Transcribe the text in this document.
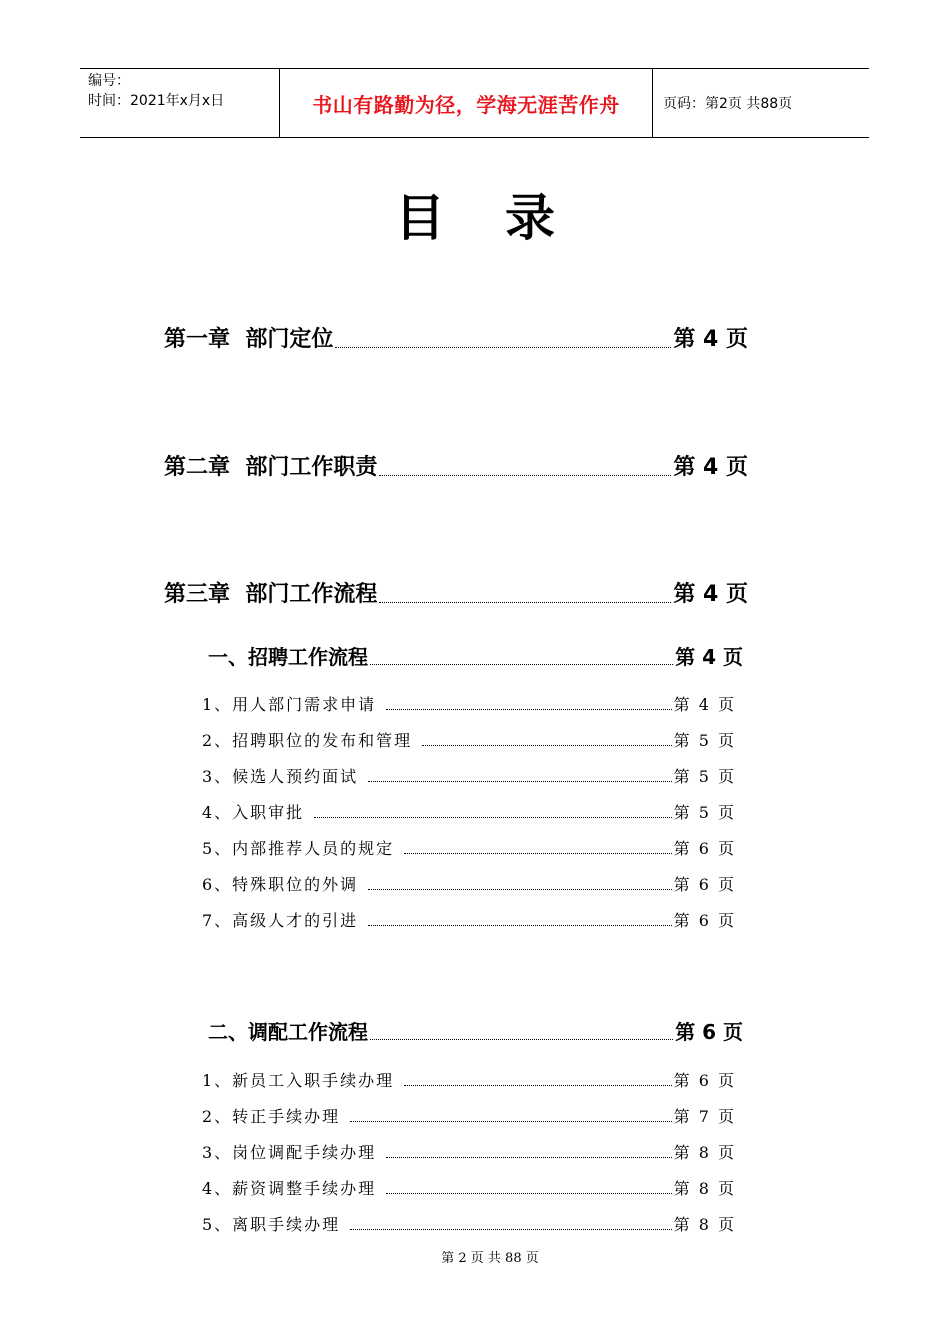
编号：
时间：2021年x月x日	书山有路勤为径，学海无涯苦作舟	页码：第2页 共88页
目录
第一章  部门定位	第 4 页
第二章  部门工作职责	第 4 页
第三章  部门工作流程	第 4 页
一、招聘工作流程	第 4 页
1、用人部门需求申请	第 4 页
2、招聘职位的发布和管理	第 5 页
3、候选人预约面试	第 5 页
4、入职审批	第 5 页
5、内部推荐人员的规定	第 6 页
6、特殊职位的外调	第 6 页
7、高级人才的引进	第 6 页
二、调配工作流程	第 6 页
1、新员工入职手续办理	第 6 页
2、转正手续办理	第 7 页
3、岗位调配手续办理	第 8 页
4、薪资调整手续办理	第 8 页
5、离职手续办理	第 8 页
第 2 页 共 88 页
